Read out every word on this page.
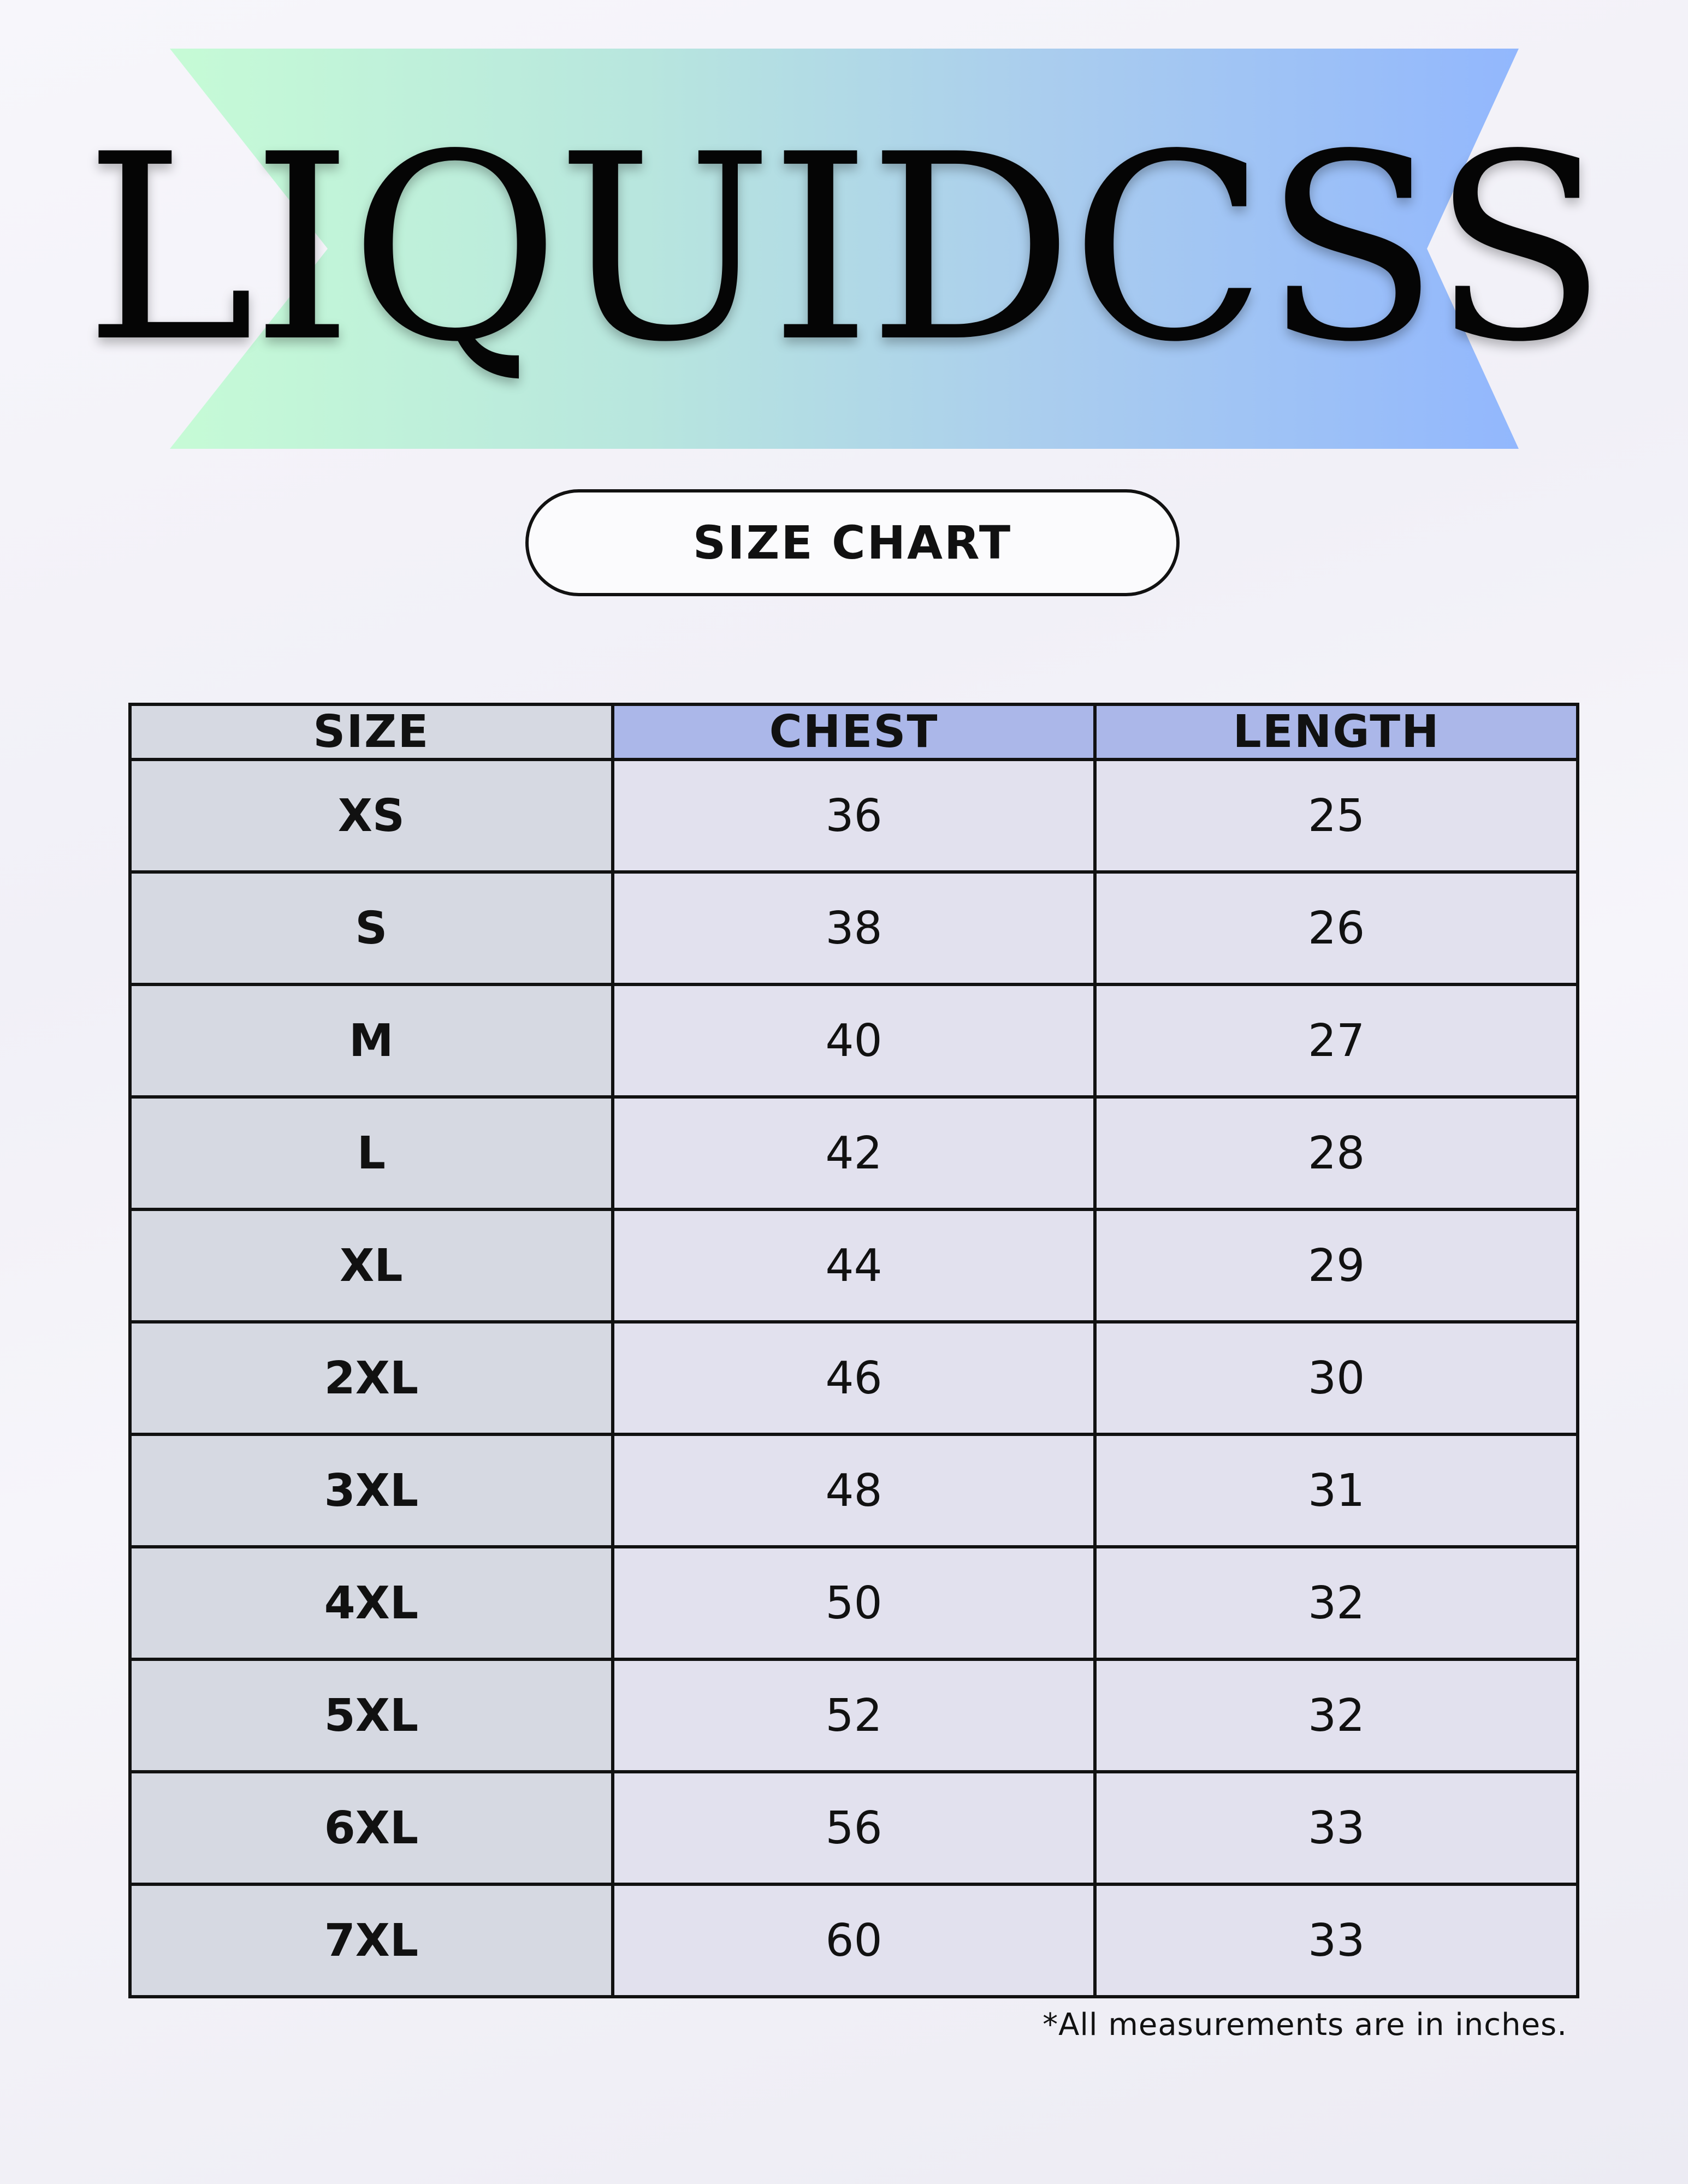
LIQUIDCSS
SIZE CHART
SIZE	CHEST	LENGTH
XS	36	25
S	38	26
M	40	27
L	42	28
XL	44	29
2XL	46	30
3XL	48	31
4XL	50	32
5XL	52	32
6XL	56	33
7XL	60	33
*All measurements are in inches.
